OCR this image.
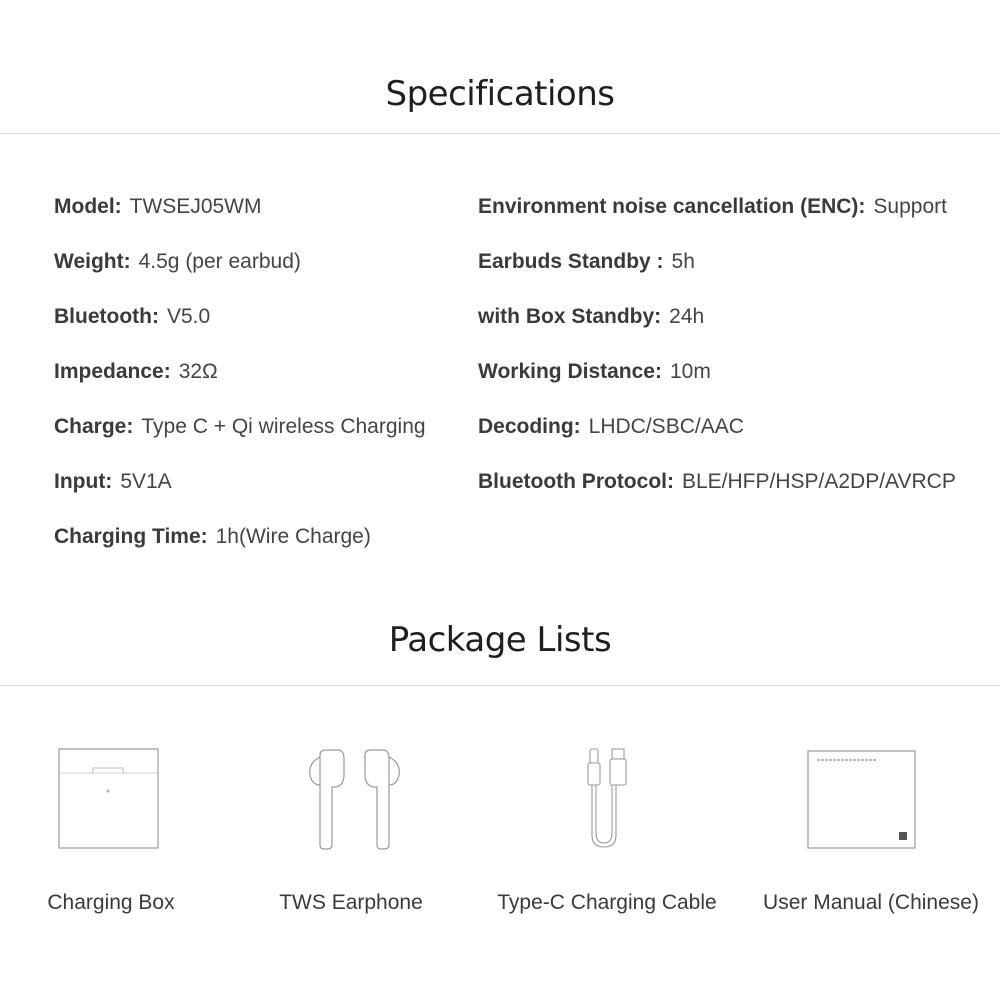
Specifications
Model: TWSEJ05WM
Weight: 4.5g (per earbud)
Bluetooth: V5.0
Impedance: 32Ω
Charge: Type C + Qi wireless Charging
Input: 5V1A
Charging Time: 1h(Wire Charge)
Environment noise cancellation (ENC): Support
Earbuds Standby : 5h
with Box Standby: 24h
Working Distance: 10m
Decoding: LHDC/SBC/AAC
Bluetooth Protocol: BLE/HFP/HSP/A2DP/AVRCP
Package Lists
Charging Box	TWS Earphone	Type-C Charging Cable	User Manual (Chinese)
